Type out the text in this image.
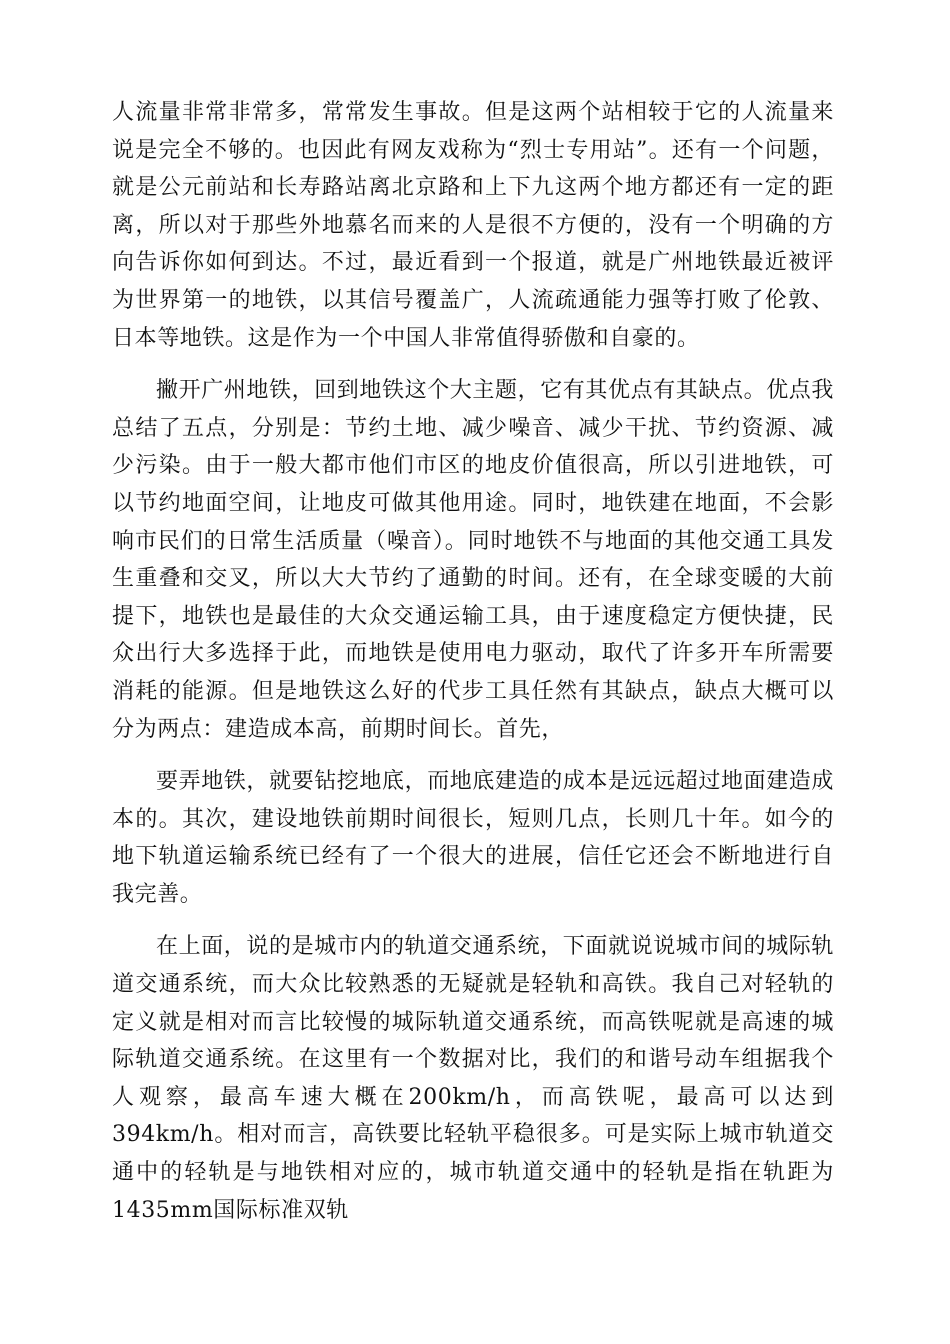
人流量非常非常多，常常发生事故。但是这两个站相较于它的人流量来说是完全不够的。也因此有网友戏称为“烈士专用站”。还有一个问题，就是公元前站和长寿路站离北京路和上下九这两个地方都还有一定的距离，所以对于那些外地慕名而来的人是很不方便的，没有一个明确的方向告诉你如何到达。不过，最近看到一个报道，就是广州地铁最近被评为世界第一的地铁，以其信号覆盖广，人流疏通能力强等打败了伦敦、日本等地铁。这是作为一个中国人非常值得骄傲和自豪的。

撇开广州地铁，回到地铁这个大主题，它有其优点有其缺点。优点我总结了五点，分别是：节约土地、减少噪音、减少干扰、节约资源、减少污染。由于一般大都市他们市区的地皮价值很高，所以引进地铁，可以节约地面空间，让地皮可做其他用途。同时，地铁建在地面，不会影响市民们的日常生活质量（噪音）。同时地铁不与地面的其他交通工具发生重叠和交叉，所以大大节约了通勤的时间。还有，在全球变暖的大前提下，地铁也是最佳的大众交通运输工具，由于速度稳定方便快捷，民众出行大多选择于此，而地铁是使用电力驱动，取代了许多开车所需要消耗的能源。但是地铁这么好的代步工具任然有其缺点，缺点大概可以分为两点：建造成本高，前期时间长。首先，

要弄地铁，就要钻挖地底，而地底建造的成本是远远超过地面建造成本的。其次，建设地铁前期时间很长，短则几点，长则几十年。如今的地下轨道运输系统已经有了一个很大的进展，信任它还会不断地进行自我完善。

在上面，说的是城市内的轨道交通系统，下面就说说城市间的城际轨道交通系统，而大众比较熟悉的无疑就是轻轨和高铁。我自己对轻轨的定义就是相对而言比较慢的城际轨道交通系统，而高铁呢就是高速的城际轨道交通系统。在这里有一个数据对比，我们的和谐号动车组据我个人观察，最高车速大概在200km/h，而高铁呢，最高可以达到394km/h。相对而言，高铁要比轻轨平稳很多。可是实际上城市轨道交通中的轻轨是与地铁相对应的，城市轨道交通中的轻轨是指在轨距为1435mm国际标准双轨
